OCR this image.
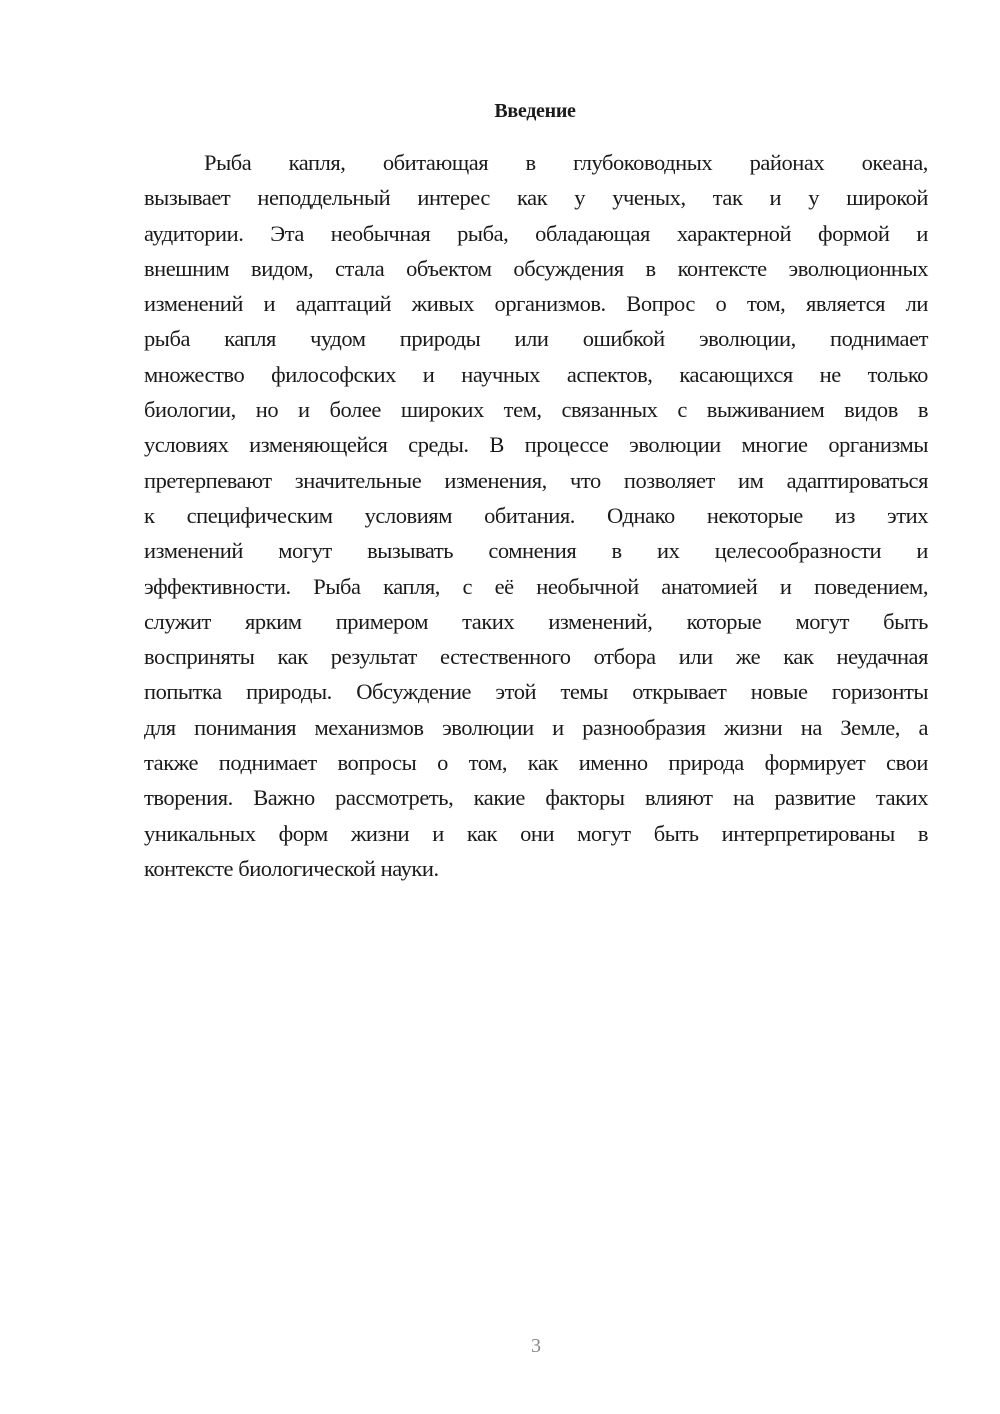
Введение
Рыба капля, обитающая в глубоководных районах океана,
вызывает неподдельный интерес как у ученых, так и у широкой
аудитории. Эта необычная рыба, обладающая характерной формой и
внешним видом, стала объектом обсуждения в контексте эволюционных
изменений и адаптаций живых организмов. Вопрос о том, является ли
рыба капля чудом природы или ошибкой эволюции, поднимает
множество философских и научных аспектов, касающихся не только
биологии, но и более широких тем, связанных с выживанием видов в
условиях изменяющейся среды. В процессе эволюции многие организмы
претерпевают значительные изменения, что позволяет им адаптироваться
к специфическим условиям обитания. Однако некоторые из этих
изменений могут вызывать сомнения в их целесообразности и
эффективности. Рыба капля, с её необычной анатомией и поведением,
служит ярким примером таких изменений, которые могут быть
восприняты как результат естественного отбора или же как неудачная
попытка природы. Обсуждение этой темы открывает новые горизонты
для понимания механизмов эволюции и разнообразия жизни на Земле, а
также поднимает вопросы о том, как именно природа формирует свои
творения. Важно рассмотреть, какие факторы влияют на развитие таких
уникальных форм жизни и как они могут быть интерпретированы в
контексте биологической науки.
3
